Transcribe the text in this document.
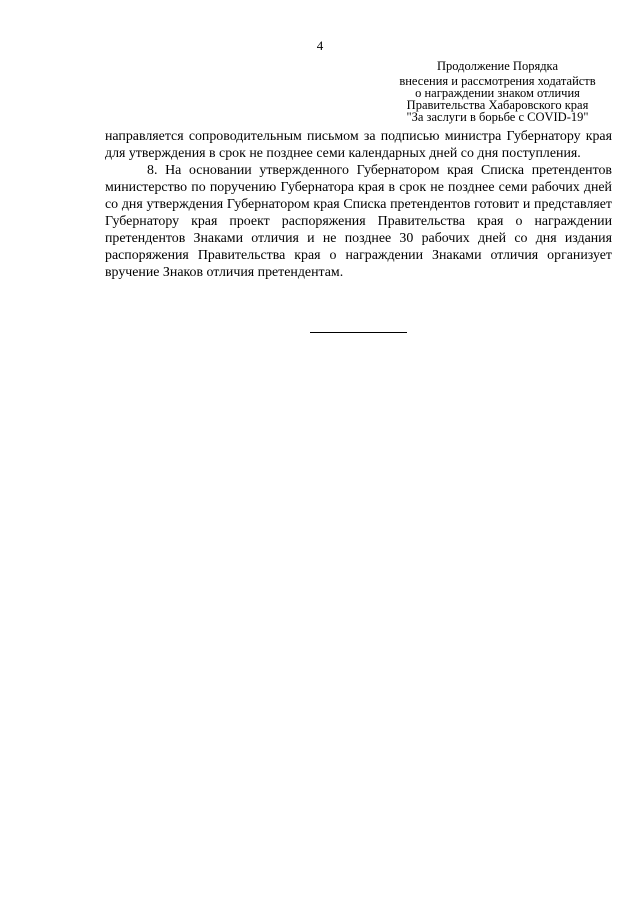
4
Продолжение Порядка
внесения и рассмотрения ходатайств
о награждении знаком отличия
Правительства Хабаровского края
"За заслуги в борьбе с COVID-19"

направляется сопроводительным письмом за подписью министра Губернатору края для утверждения в срок не позднее семи календарных дней со дня поступления.

8. На основании утвержденного Губернатором края Списка претендентов министерство по поручению Губернатора края в срок не позднее семи рабочих дней со дня утверждения Губернатором края Списка претендентов готовит и представляет Губернатору края проект распоряжения Правительства края о награждении претендентов Знаками отличия и не позднее 30 рабочих дней со дня издания распоряжения Правительства края о награждении Знаками отличия организует вручение Знаков отличия претендентам.
